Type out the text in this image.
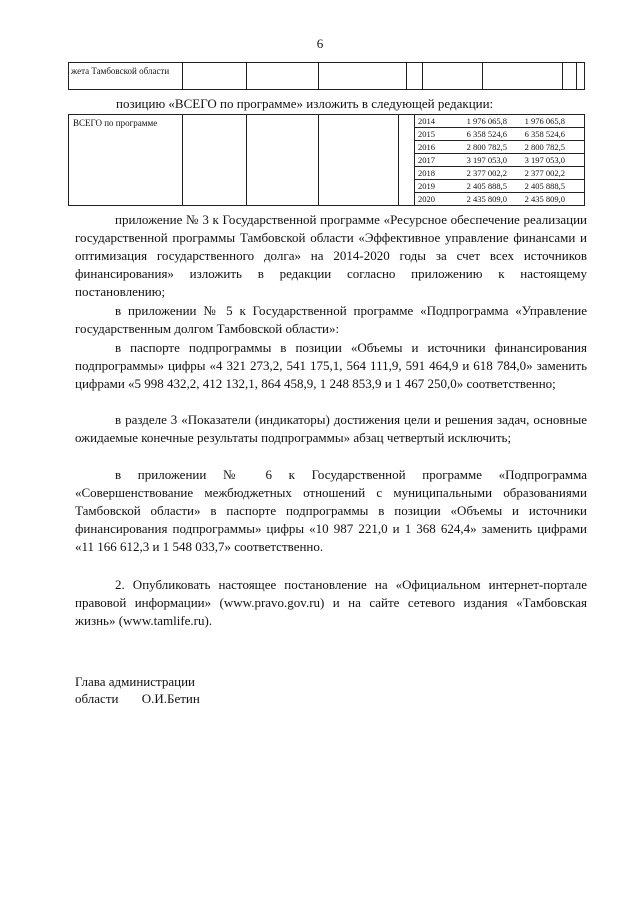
6
жета Тамбовской области								
позицию «ВСЕГО по программе» изложить в следующей редакции:
ВСЕГО по программе						2014	1 976 065,8	1 976 065,8		
2015	6 358 524,6	6 358 524,6		
2016	2 800 782,5	2 800 782,5		
2017	3 197 053,0	3 197 053,0		
2018	2 377 002,2	2 377 002,2		
2019	2 405 888,5	2 405 888,5		
2020	2 435 809,0	2 435 809,0		
приложение № 3 к Государственной программе «Ресурсное обеспечение реализации государственной программы Тамбовской области «Эффективное управление финансами и оптимизация государственного долга» на 2014-2020 годы за счет всех источников финансирования» изложить в редакции согласно приложению к настоящему постановлению;
в приложении № 5 к Государственной программе «Подпрограмма «Управление государственным долгом Тамбовской области»:
в паспорте подпрограммы в позиции «Объемы и источники финансирования подпрограммы» цифры «4 321 273,2, 541 175,1, 564 111,9, 591 464,9 и 618 784,0» заменить цифрами «5 998 432,2, 412 132,1, 864 458,9, 1 248 853,9 и 1 467 250,0» соответственно;
в разделе 3 «Показатели (индикаторы) достижения цели и решения задач, основные ожидаемые конечные результаты подпрограммы» абзац четвертый исключить;
в приложении № 6 к Государственной программе «Подпрограмма «Совершенствование межбюджетных отношений с муниципальными образованиями Тамбовской области» в паспорте подпрограммы в позиции «Объемы и источники финансирования подпрограммы» цифры «10 987 221,0 и 1 368 624,4» заменить цифрами «11 166 612,3 и 1 548 033,7» соответственно.
2. Опубликовать настоящее постановление на «Официальном интернет-портале правовой информации» (www.pravo.gov.ru) и на сайте сетевого издания «Тамбовская жизнь» (www.tamlife.ru).
Глава администрации
области О.И.Бетин
